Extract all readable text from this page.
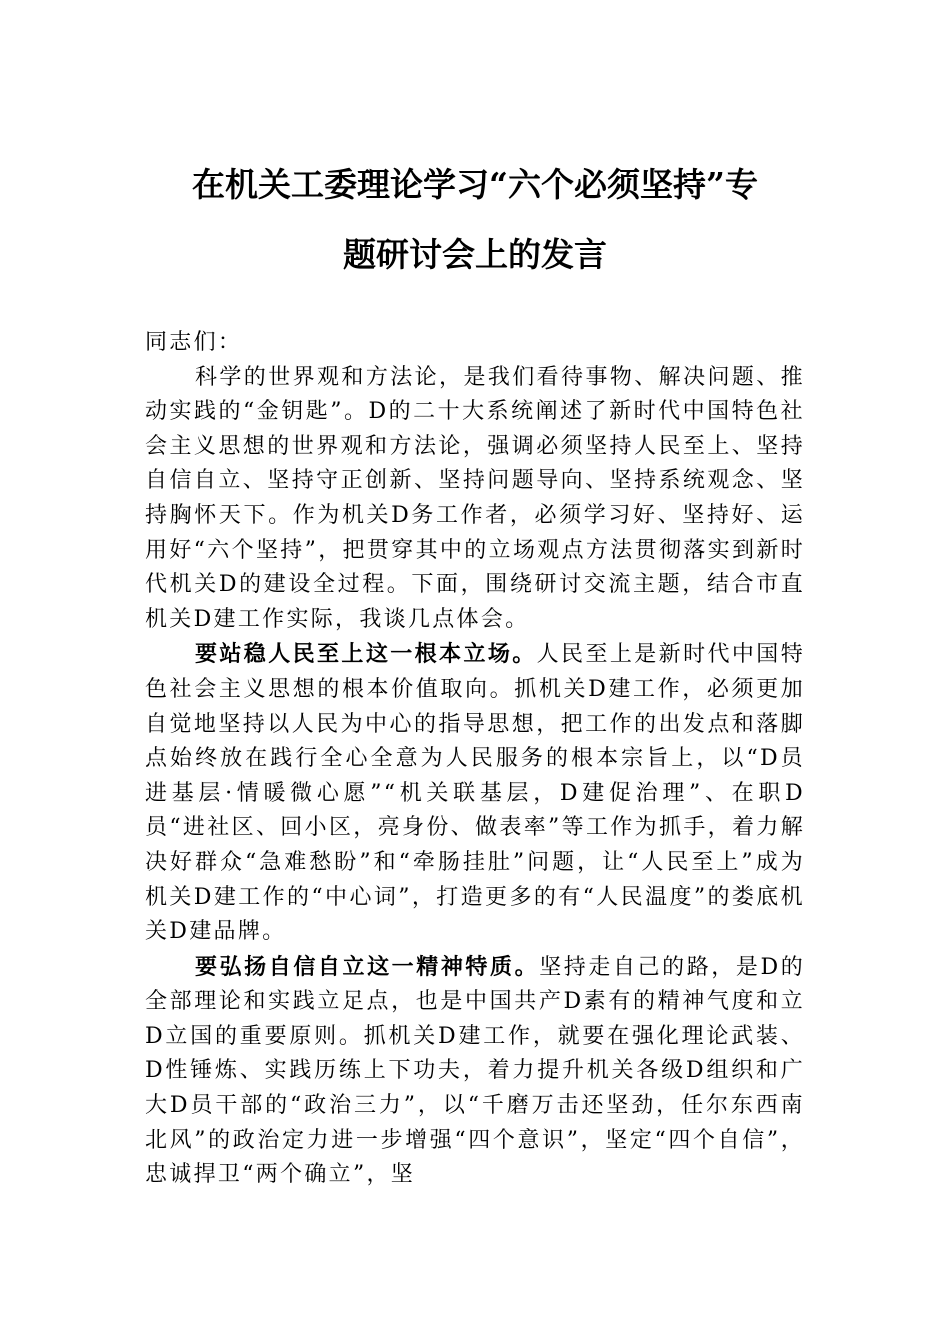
在机关工委理论学习“六个必须坚持”专
题研讨会上的发言

同志们：

科学的世界观和方法论，是我们看待事物、解决问题、推动实践的“金钥匙”。D的二十大系统阐述了新时代中国特色社会主义思想的世界观和方法论，强调必须坚持人民至上、坚持自信自立、坚持守正创新、坚持问题导向、坚持系统观念、坚持胸怀天下。作为机关D务工作者，必须学习好、坚持好、运用好“六个坚持”，把贯穿其中的立场观点方法贯彻落实到新时代机关D的建设全过程。下面，围绕研讨交流主题，结合市直机关D建工作实际，我谈几点体会。

要站稳人民至上这一根本立场。人民至上是新时代中国特色社会主义思想的根本价值取向。抓机关D建工作，必须更加自觉地坚持以人民为中心的指导思想，把工作的出发点和落脚点始终放在践行全心全意为人民服务的根本宗旨上，以“D员进基层·情暖微心愿”“机关联基层，D建促治理”、在职D员“进社区、回小区，亮身份、做表率”等工作为抓手，着力解决好群众“急难愁盼”和“牵肠挂肚”问题，让“人民至上”成为机关D建工作的“中心词”，打造更多的有“人民温度”的娄底机关D建品牌。

要弘扬自信自立这一精神特质。坚持走自己的路，是D的全部理论和实践立足点，也是中国共产D素有的精神气度和立D立国的重要原则。抓机关D建工作，就要在强化理论武装、D性锤炼、实践历练上下功夫，着力提升机关各级D组织和广大D员干部的“政治三力”，以“千磨万击还坚劲，任尔东西南北风”的政治定力进一步增强“四个意识”，坚定“四个自信”，忠诚捍卫“两个确立”，坚
